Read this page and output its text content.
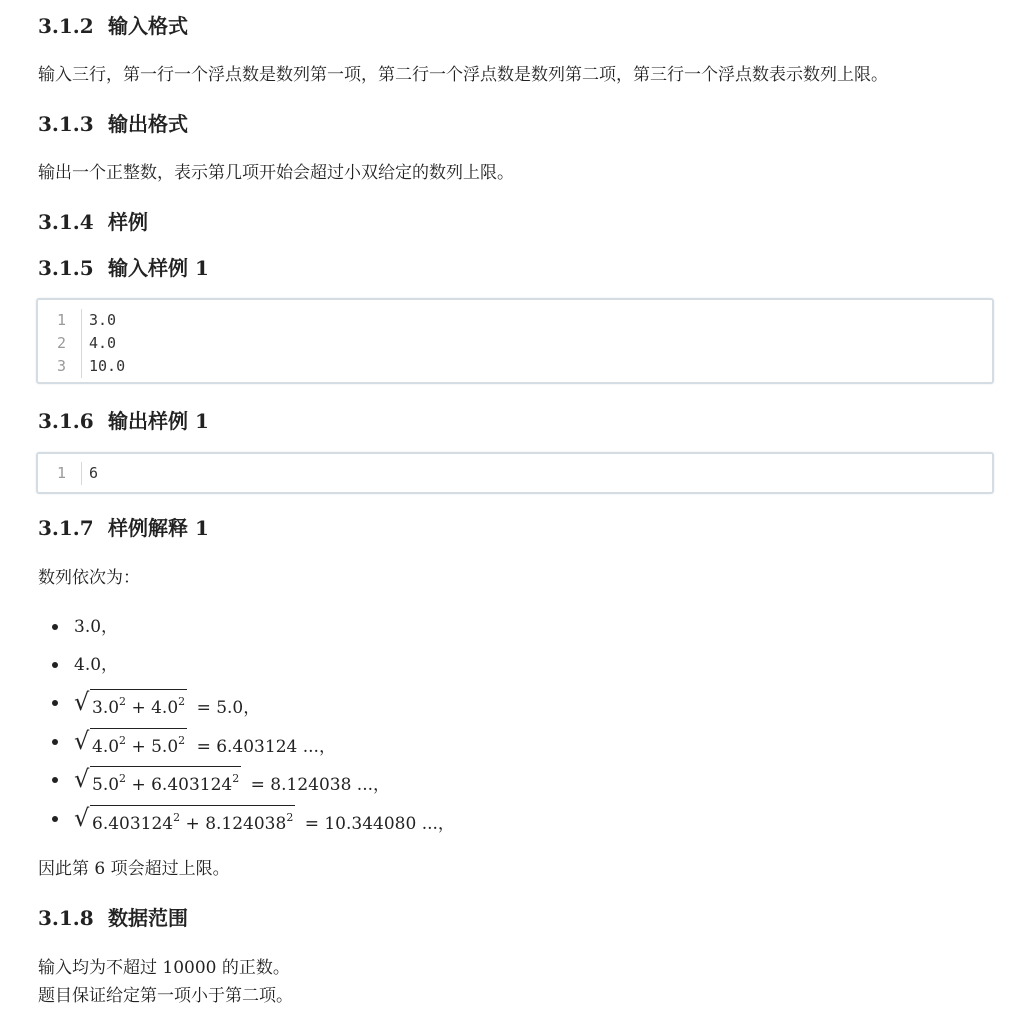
3.1.2 输入格式
输入三行，第一行一个浮点数是数列第一项，第二行一个浮点数是数列第二项，第三行一个浮点数表示数列上限。
3.1.3 输出格式
输出一个正整数，表示第几项开始会超过小双给定的数列上限。
3.1.4 样例
3.1.5 输入样例 1
1 3.0
2 4.0
3 10.0
3.1.6 输出样例 1
1 6
3.1.7 样例解释 1
数列依次为：
3.0，
4.0，
√ $3.0^2 + 4.0^2 = 5.0$，
√ $4.0^2 + 5.0^2 = 6.403124$ ...，
√ $5.0^2 + 6.403124^2 = 8.124038$ ...，
√ $6.403124^2 + 8.124038^2 = 10.344080$ ...，
因此第 6 项会超过上限。
3.1.8 数据范围
输入均为不超过 10000 的正数。
题目保证给定第一项小于第二项。
